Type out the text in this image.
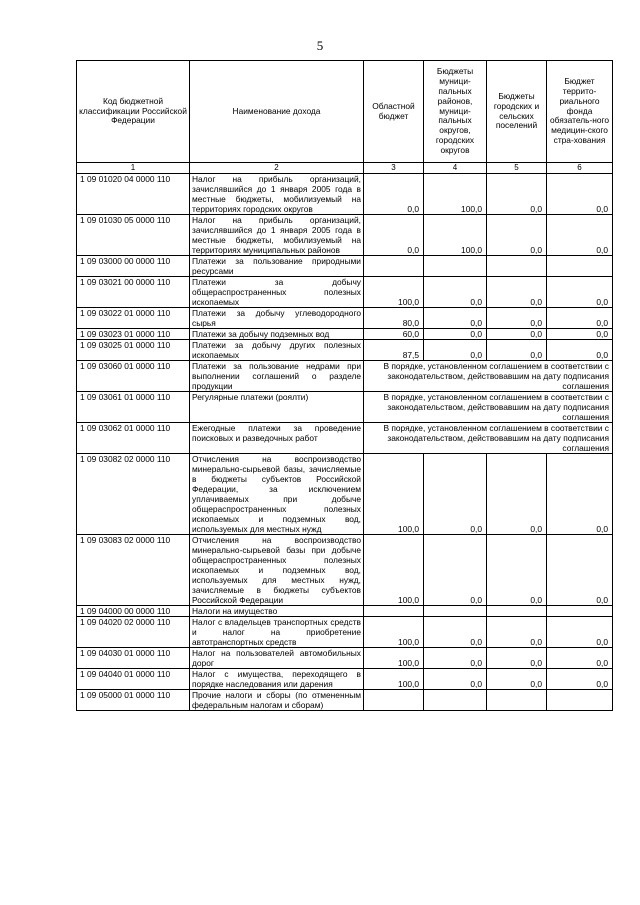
5
Код бюджетной классификации Российской Федерации	Наименование дохода	Областной бюджет	Бюджеты муници-пальных районов, муници-пальных округов, городских округов	Бюджеты городских и сельских поселений	Бюджет террито-риального фонда обязатель-ного медицин-ского стра-хования
1	2	3	4	5	6
1 09 01020 04 0000 110	Налог на прибыль организаций, зачислявшийся до 1 января 2005 года в местные бюджеты, мобилизуемый на территориях городских округов	0,0	100,0	0,0	0,0
1 09 01030 05 0000 110	Налог на прибыль организаций, зачислявшийся до 1 января 2005 года в местные бюджеты, мобилизуемый на территориях муниципальных районов	0,0	100,0	0,0	0,0
1 09 03000 00 0000 110	Платежи за пользование природными ресурсами				
1 09 03021 00 0000 110	Платежи за добычу общераспространенных полезных ископаемых	100,0	0,0	0,0	0,0
1 09 03022 01 0000 110	Платежи за добычу углеводородного сырья	80,0	0,0	0,0	0,0
1 09 03023 01 0000 110	Платежи за добычу подземных вод	60,0	0,0	0,0	0,0
1 09 03025 01 0000 110	Платежи за добычу других полезных ископаемых	87,5	0,0	0,0	0,0
1 09 03060 01 0000 110	Платежи за пользование недрами при выполнении соглашений о разделе продукции	В порядке, установленном соглашением в соответствии с законодательством, действовавшим на дату подписания соглашения			
1 09 03061 01 0000 110	Регулярные платежи (роялти)	В порядке, установленном соглашением в соответствии с законодательством, действовавшим на дату подписания соглашения			
1 09 03062 01 0000 110	Ежегодные платежи за проведение поисковых и разведочных работ	В порядке, установленном соглашением в соответствии с законодательством, действовавшим на дату подписания соглашения			
1 09 03082 02 0000 110	Отчисления на воспроизводство минерально-сырьевой базы, зачисляемые в бюджеты субъектов Российской Федерации, за исключением уплачиваемых при добыче общераспространенных полезных ископаемых и подземных вод, используемых для местных нужд	100,0	0,0	0,0	0,0
1 09 03083 02 0000 110	Отчисления на воспроизводство минерально-сырьевой базы при добыче общераспространенных полезных ископаемых и подземных вод, используемых для местных нужд, зачисляемые в бюджеты субъектов Российской Федерации	100,0	0,0	0,0	0,0
1 09 04000 00 0000 110	Налоги на имущество				
1 09 04020 02 0000 110	Налог с владельцев транспортных средств и налог на приобретение автотранспортных средств	100,0	0,0	0,0	0,0
1 09 04030 01 0000 110	Налог на пользователей автомобильных дорог	100,0	0,0	0,0	0,0
1 09 04040 01 0000 110	Налог с имущества, переходящего в порядке наследования или дарения	100,0	0,0	0,0	0,0
1 09 05000 01 0000 110	Прочие налоги и сборы (по отмененным федеральным налогам и сборам)				
